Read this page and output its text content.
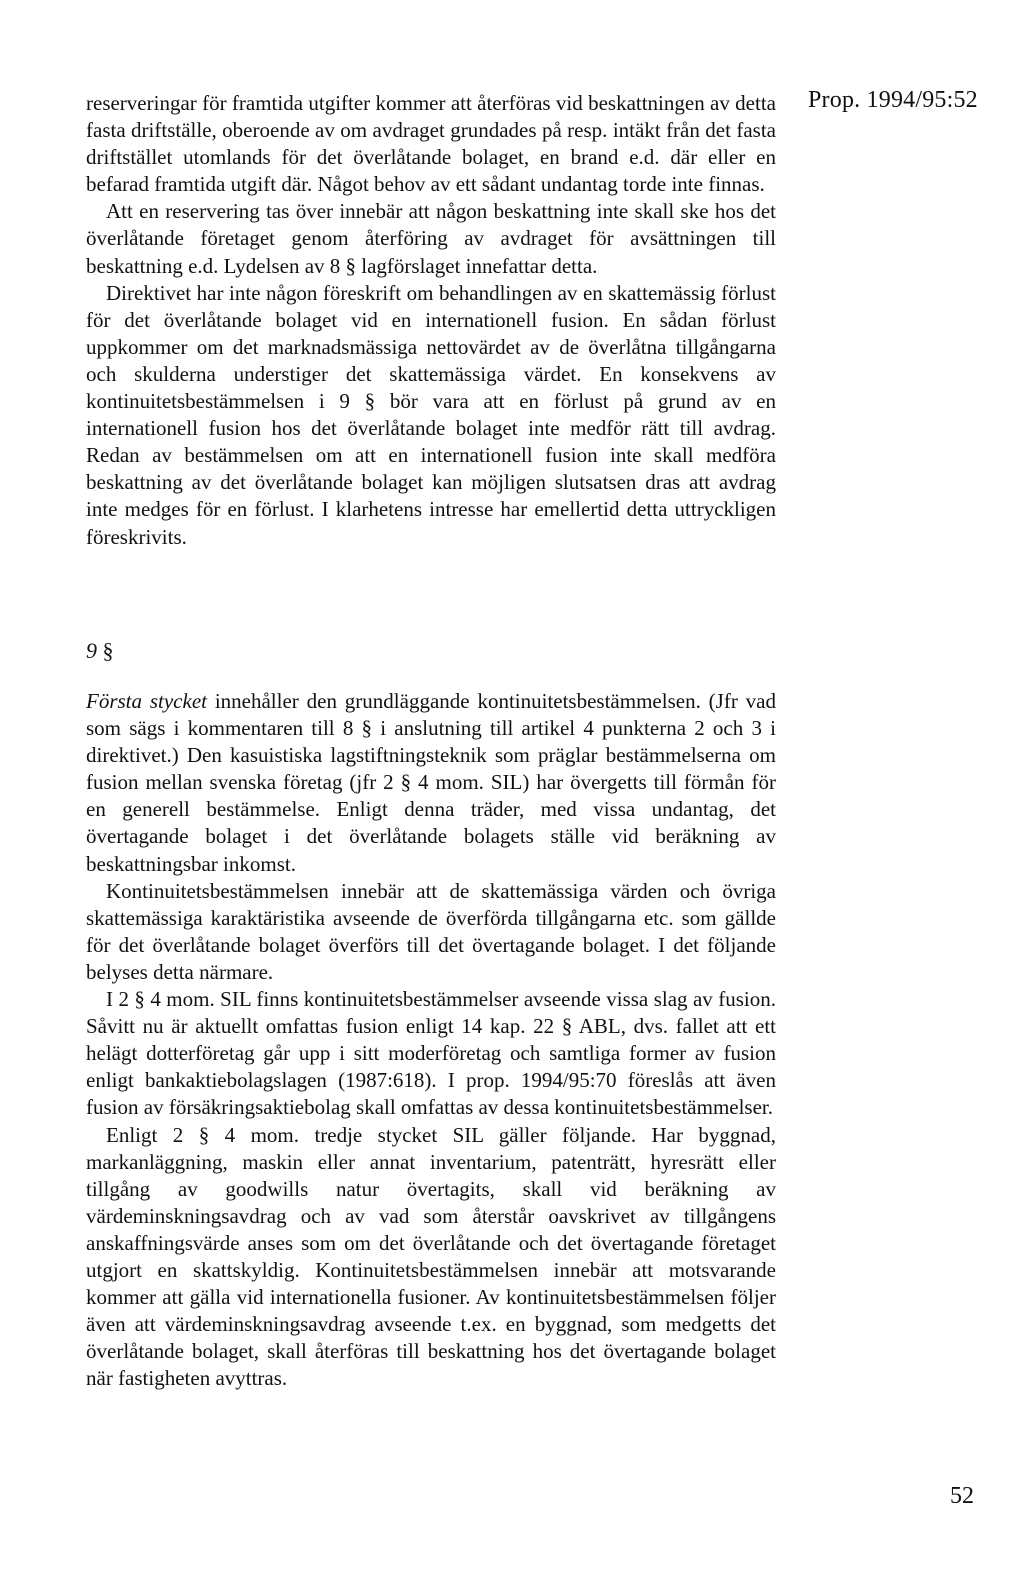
Prop. 1994/95:52

reserveringar för framtida utgifter kommer att återföras vid beskattningen av detta fasta driftställe, oberoende av om avdraget grundades på resp. intäkt från det fasta driftstället utomlands för det överlåtande bolaget, en brand e.d. där eller en befarad framtida utgift där. Något behov av ett sådant undantag torde inte finnas.

Att en reservering tas över innebär att någon beskattning inte skall ske hos det överlåtande företaget genom återföring av avdraget för avsättningen till beskattning e.d. Lydelsen av 8 § lagförslaget innefattar detta.

Direktivet har inte någon föreskrift om behandlingen av en skattemässig förlust för det överlåtande bolaget vid en internationell fusion. En sådan förlust uppkommer om det marknadsmässiga nettovärdet av de överlåtna tillgångarna och skulderna understiger det skattemässiga värdet. En konsekvens av kontinuitetsbestämmelsen i 9 § bör vara att en förlust på grund av en internationell fusion hos det överlåtande bolaget inte medför rätt till avdrag. Redan av bestämmelsen om att en internationell fusion inte skall medföra beskattning av det överlåtande bolaget kan möjligen slutsatsen dras att avdrag inte medges för en förlust. I klarhetens intresse har emellertid detta uttryckligen föreskrivits.

9 §

Första stycket innehåller den grundläggande kontinuitetsbestämmelsen. (Jfr vad som sägs i kommentaren till 8 § i anslutning till artikel 4 punkterna 2 och 3 i direktivet.) Den kasuistiska lagstiftningsteknik som präglar bestämmelserna om fusion mellan svenska företag (jfr 2 § 4 mom. SIL) har övergetts till förmån för en generell bestämmelse. Enligt denna träder, med vissa undantag, det övertagande bolaget i det överlåtande bolagets ställe vid beräkning av beskattningsbar inkomst.

Kontinuitetsbestämmelsen innebär att de skattemässiga värden och övriga skattemässiga karaktäristika avseende de överförda tillgångarna etc. som gällde för det överlåtande bolaget överförs till det övertagande bolaget. I det följande belyses detta närmare.

I 2 § 4 mom. SIL finns kontinuitetsbestämmelser avseende vissa slag av fusion. Såvitt nu är aktuellt omfattas fusion enligt 14 kap. 22 § ABL, dvs. fallet att ett helägt dotterföretag går upp i sitt moderföretag och samtliga former av fusion enligt bankaktiebolagslagen (1987:618). I prop. 1994/95:70 föreslås att även fusion av försäkringsaktiebolag skall omfattas av dessa kontinuitetsbestämmelser.

Enligt 2 § 4 mom. tredje stycket SIL gäller följande. Har byggnad, markanläggning, maskin eller annat inventarium, patenträtt, hyresrätt eller tillgång av goodwills natur övertagits, skall vid beräkning av värdeminskningsavdrag och av vad som återstår oavskrivet av tillgångens anskaffningsvärde anses som om det överlåtande och det övertagande företaget utgjort en skattskyldig. Kontinuitetsbestämmelsen innebär att motsvarande kommer att gälla vid internationella fusioner. Av kontinuitetsbestämmelsen följer även att värdeminskningsavdrag avseende t.ex. en byggnad, som medgetts det överlåtande bolaget, skall återföras till beskattning hos det övertagande bolaget när fastigheten avyttras.

52
